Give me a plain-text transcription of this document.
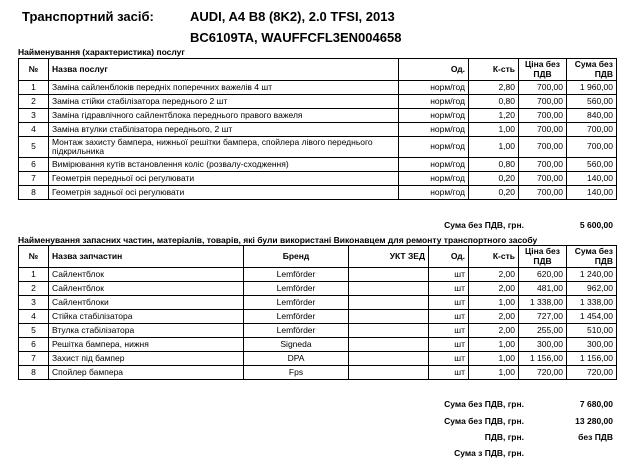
Транспортний засіб:	AUDI, A4 B8 (8K2), 2.0 TFSI, 2013
BC6109TA, WAUFFCFL3EN004658
Найменування (характеристика) послуг
№	Назва послуг	Од.	К-сть	Ціна без ПДВ	Сума без ПДВ
1	Заміна сайленблоків передніх поперечних важелів 4 шт	норм/год	2,80	700,00	1 960,00
2	Заміна стійки стабілізатора переднього 2 шт	норм/год	0,80	700,00	560,00
3	Заміна гідравлічного сайлентблока переднього правого важеля	норм/год	1,20	700,00	840,00
4	Заміна втулки стабілізатора переднього, 2 шт	норм/год	1,00	700,00	700,00
5	Монтаж захисту бампера, нижньої решітки бампера, спойлера лівого переднього підкрильника	норм/год	1,00	700,00	700,00
6	Вимірювання кутів встановлення коліс (розвалу-сходження)	норм/год	0,80	700,00	560,00
7	Геометрія передньої осі регулювати	норм/год	0,20	700,00	140,00
8	Геометрія задньої осі регулювати	норм/год	0,20	700,00	140,00
Сума без ПДВ, грн.	5 600,00
Найменування запасних частин, матеріалів, товарів, які були використані Виконавцем для ремонту транспортного засобу
№	Назва запчастин	Бренд	УКТ ЗЕД	Од.	К-сть	Ціна без ПДВ	Сума без ПДВ
1	Сайлентблок	Lemförder		шт	2,00	620,00	1 240,00
2	Сайлентблок	Lemförder		шт	2,00	481,00	962,00
3	Сайлентблоки	Lemförder		шт	1,00	1 338,00	1 338,00
4	Стійка стабілізатора	Lemförder		шт	2,00	727,00	1 454,00
5	Втулка стабілізатора	Lemförder		шт	2,00	255,00	510,00
6	Решітка бампера, нижня	Signeda		шт	1,00	300,00	300,00
7	Захист під бампер	DPA		шт	1,00	1 156,00	1 156,00
8	Спойлер бампера	Fps		шт	1,00	720,00	720,00
Сума без ПДВ, грн.	7 680,00
Сума без ПДВ, грн.	13 280,00
ПДВ, грн.	без ПДВ
Сума з ПДВ, грн.
